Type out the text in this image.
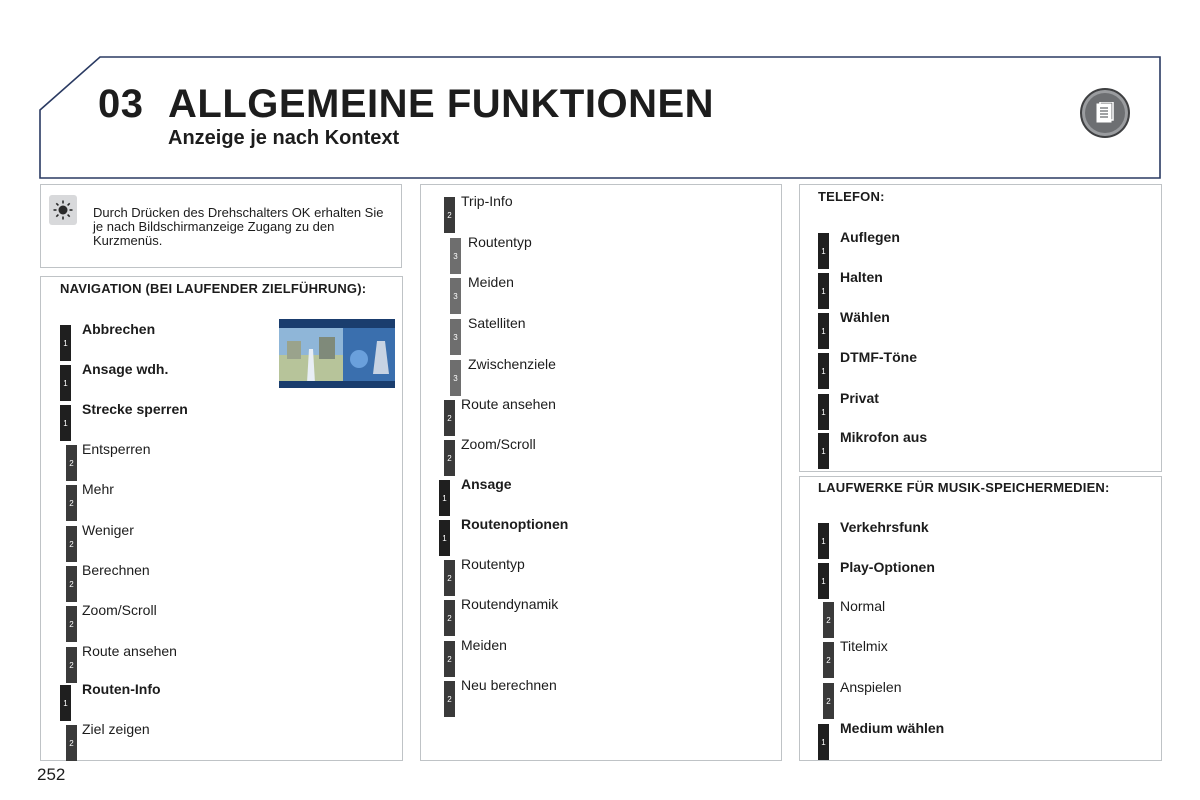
03 ALLGEMEINE FUNKTIONEN
Anzeige je nach Kontext

Durch Drücken des Drehschalters OK erhalten Sie je nach Bildschirmanzeige Zugang zu den Kurzmenüs.

NAVIGATION (BEI LAUFENDER ZIELFÜHRUNG):
TELEFON:
LAUFWERKE FÜR MUSIK-SPEICHERMEDIEN:
1
Abbrechen
1
Ansage wdh.
1
Strecke sperren
2
Entsperren
2
Mehr
2
Weniger
2
Berechnen
2
Zoom/Scroll
2
Route ansehen
1
Routen-Info
2
Ziel zeigen
2
Trip-Info
3
Routentyp
3
Meiden
3
Satelliten
3
Zwischenziele
2
Route ansehen
2
Zoom/Scroll
1
Ansage
1
Routenoptionen
2
Routentyp
2
Routendynamik
2
Meiden
2
Neu berechnen
1
Auflegen
1
Halten
1
Wählen
1
DTMF-Töne
1
Privat
1
Mikrofon aus
1
Verkehrsfunk
1
Play-Optionen
2
Normal
2
Titelmix
2
Anspielen
1
Medium wählen
252
